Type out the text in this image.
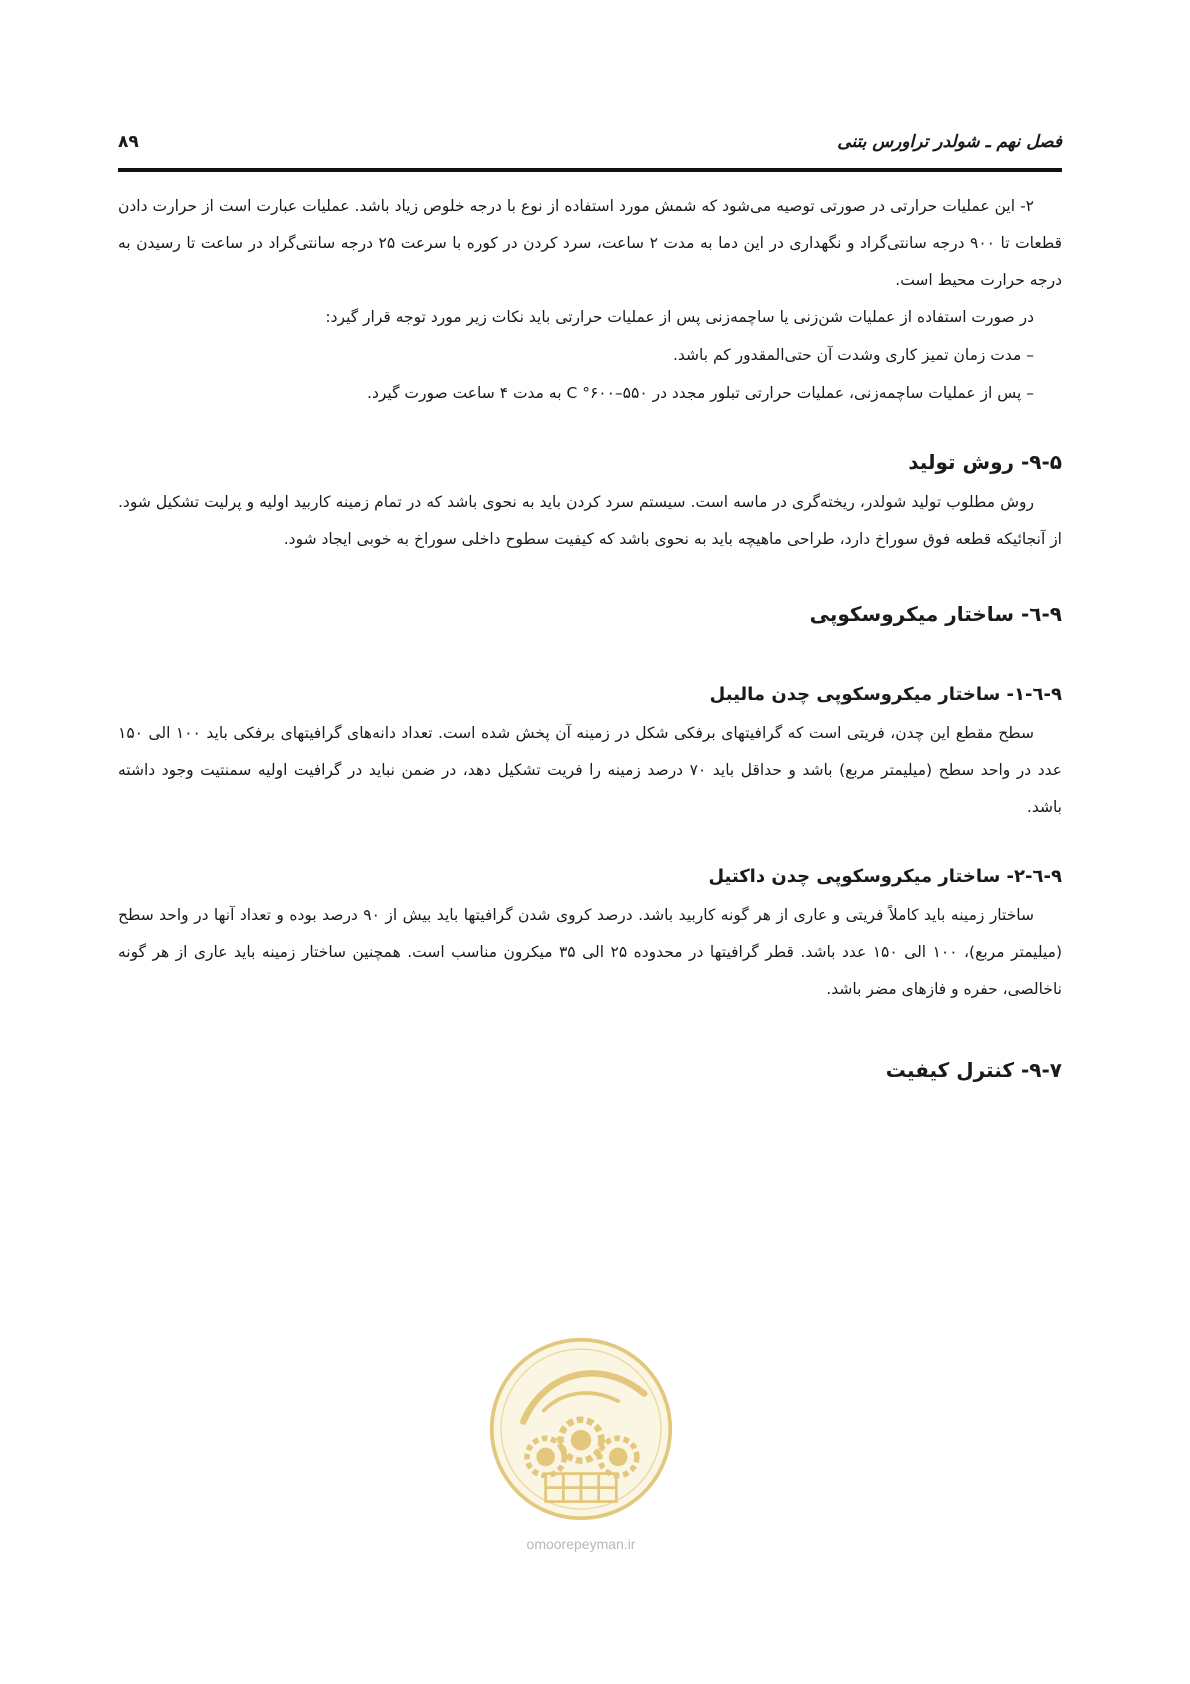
فصل نهم ـ شولدر تراورس بتنی
۸۹

۲- این عملیات حرارتی در صورتی توصیه می‌شود که شمش مورد استفاده از نوع با درجه خلوص زیاد باشد. عملیات عبارت است از حرارت دادن قطعات تا ۹۰۰ درجه سانتی‌گراد و نگهداری در این دما به مدت ۲ ساعت، سرد کردن در کوره با سرعت ۲۵ درجه سانتی‌گراد در ساعت تا رسیدن به درجه حرارت محیط است.

در صورت استفاده از عملیات شن‌زنی یا ساچمه‌زنی پس از عملیات حرارتی باید نکات زیر مورد توجه قرار گیرد:

– مدت زمان تمیز کاری وشدت آن حتی‌المقدور کم باشد.

– پس از عملیات ساچمه‌زنی، عملیات حرارتی تبلور مجدد در C °۶۰۰–۵۵۰ به مدت ۴ ساعت صورت گیرد.

۹-۵- روش تولید

روش مطلوب تولید شولدر، ریخته‌گری در ماسه است. سیستم سرد کردن باید به نحوی باشد که در تمام زمینه کاربید اولیه و پرلیت تشکیل شود. از آنجائیکه قطعه فوق سوراخ دارد، طراحی ماهیچه باید به نحوی باشد که کیفیت سطوح داخلی سوراخ به خوبی ایجاد شود.

۹-٦- ساختار میکروسکوپی
۹-٦-۱- ساختار میکروسکوپی چدن مالیبل

سطح مقطع این چدن، فریتی است که گرافیتهای برفکی شکل در زمینه آن پخش شده است. تعداد دانه‌های گرافیتهای برفکی باید ۱۰۰ الی ۱۵۰ عدد در واحد سطح (میلیمتر مربع) باشد و حداقل باید ۷۰ درصد زمینه را فریت تشکیل دهد، در ضمن نباید در گرافیت اولیه سمنتیت وجود داشته باشد.

۹-٦-۲- ساختار میکروسکوپی چدن داکتیل

ساختار زمینه باید کاملاً فریتی و عاری از هر گونه کاربید باشد. درصد کروی شدن گرافیتها باید بیش از ۹۰ درصد بوده و تعداد آنها در واحد سطح (میلیمتر مربع)، ۱۰۰ الی ۱۵۰ عدد باشد. قطر گرافیتها در محدوده ۲۵ الی ۳۵ میکرون مناسب است. همچنین ساختار زمینه باید عاری از هر گونه ناخالصی، حفره و فازهای مضر باشد.

۹-۷- کنترل کیفیت
omoorepeyman.ir
